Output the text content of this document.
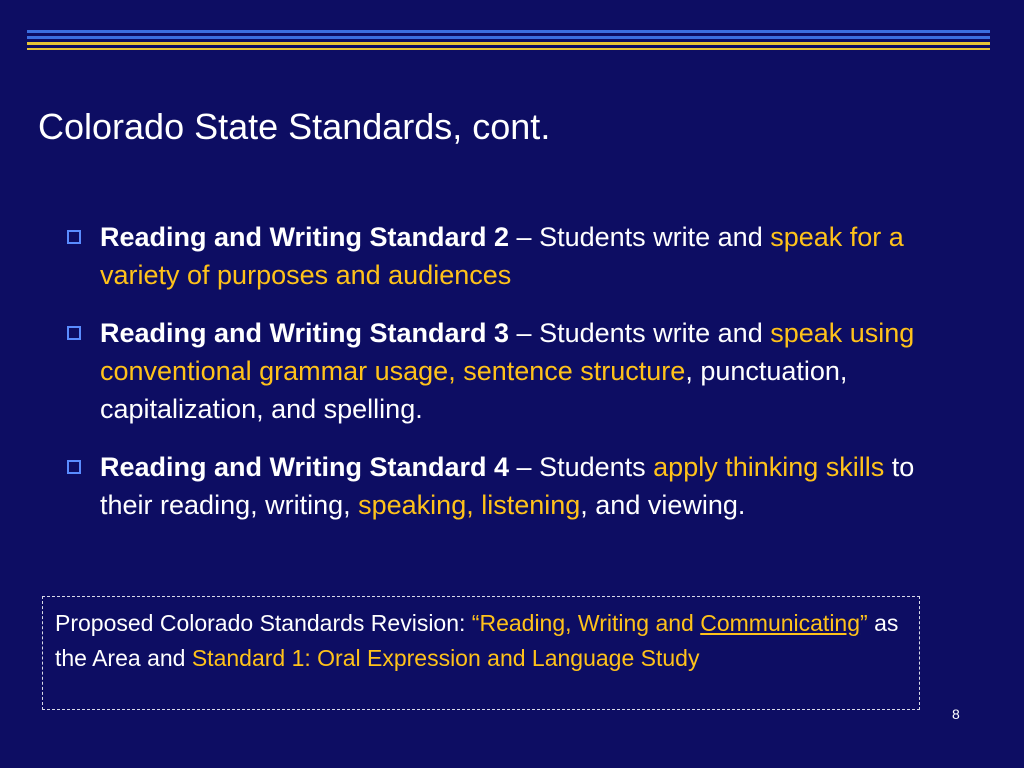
Colorado State Standards, cont.
Reading and Writing Standard 2 – Students write and speak for a variety of purposes and audiences
Reading and Writing Standard 3 – Students write and speak using conventional grammar usage, sentence structure, punctuation, capitalization, and spelling.
Reading and Writing Standard 4 – Students apply thinking skills to their reading, writing, speaking, listening, and viewing.
Proposed Colorado Standards Revision: “Reading, Writing and Communicating” as the Area and Standard 1: Oral Expression and Language Study
8
